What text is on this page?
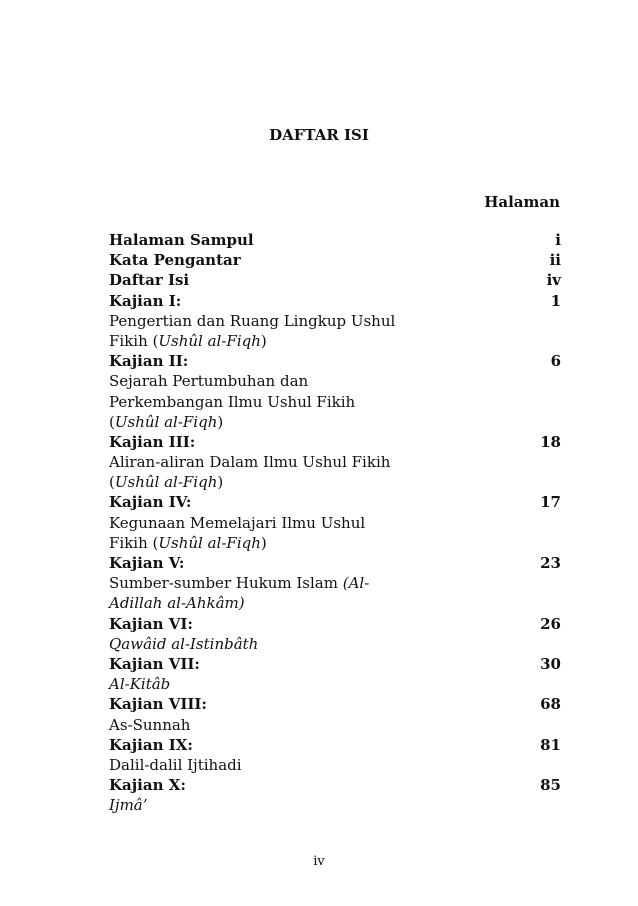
DAFTAR ISI
Halaman
Halaman Sampul	i
Kata Pengantar	ii
Daftar Isi	iv
Kajian I:	1
Pengertian dan Ruang Lingkup Ushul
Fikih (Ushûl al-Fiqh)
Kajian II:	6
Sejarah Pertumbuhan dan
Perkembangan Ilmu Ushul Fikih
(Ushûl al-Fiqh)
Kajian III:	18
Aliran-aliran Dalam Ilmu Ushul Fikih
(Ushûl al-Fiqh)
Kajian IV:	17
Kegunaan Memelajari Ilmu Ushul
Fikih (Ushûl al-Fiqh)
Kajian V:	23
Sumber-sumber Hukum Islam (Al-
Adillah al-Ahkâm)
Kajian VI:	26
Qawâid al-Istinbâth
Kajian VII:	30
Al-Kitâb
Kajian VIII:	68
As-Sunnah
Kajian IX:	81
Dalil-dalil Ijtihadi
Kajian X:	85
Ijmâ’
iv
